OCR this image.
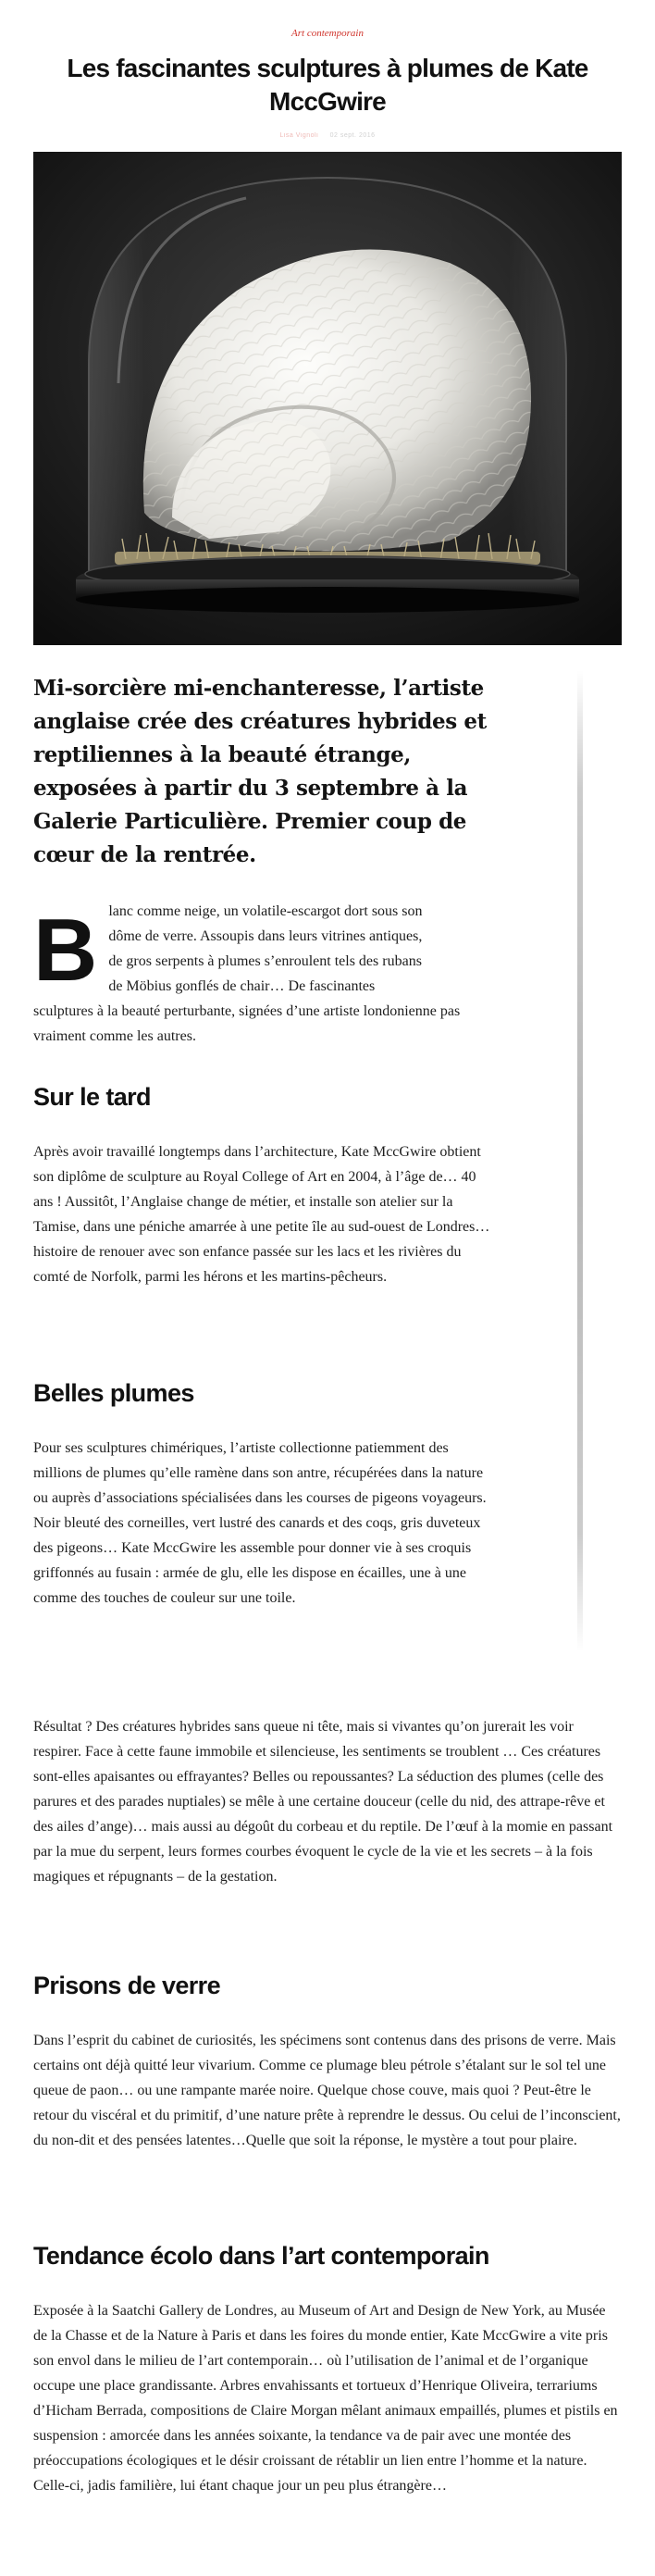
Art contemporain
Les fascinantes sculptures à plumes de Kate MccGwire
Lisa Vignoli 02 sept. 2016

Mi-sorcière mi-enchanteresse, l’artiste anglaise crée des créatures hybrides et reptiliennes à la beauté étrange, exposées à partir du 3 septembre à la Galerie Particulière. Premier coup de cœur de la rentrée.

B lanc comme neige, un volatile-escargot dort sous son
dôme de verre. Assoupis dans leurs vitrines antiques,
de gros serpents à plumes s’enroulent tels des rubans
de Möbius gonflés de chair… De fascinantes
sculptures à la beauté perturbante, signées d’une artiste londonienne pas vraiment comme les autres.
Sur le tard

Après avoir travaillé longtemps dans l’architecture, Kate MccGwire obtient son diplôme de sculpture au Royal College of Art en 2004, à l’âge de… 40 ans ! Aussitôt, l’Anglaise change de métier, et installe son atelier sur la Tamise, dans une péniche amarrée à une petite île au sud-ouest de Londres… histoire de renouer avec son enfance passée sur les lacs et les rivières du comté de Norfolk, parmi les hérons et les martins-pêcheurs.

Belles plumes

Pour ses sculptures chimériques, l’artiste collectionne patiemment des millions de plumes qu’elle ramène dans son antre, récupérées dans la nature ou auprès d’associations spécialisées dans les courses de pigeons voyageurs. Noir bleuté des corneilles, vert lustré des canards et des coqs, gris duveteux des pigeons… Kate MccGwire les assemble pour donner vie à ses croquis griffonnés au fusain : armée de glu, elle les dispose en écailles, une à une comme des touches de couleur sur une toile.

Résultat ? Des créatures hybrides sans queue ni tête, mais si vivantes qu’on jurerait les voir respirer. Face à cette faune immobile et silencieuse, les sentiments se troublent … Ces créatures sont-elles apaisantes ou effrayantes? Belles ou repoussantes? La séduction des plumes (celle des parures et des parades nuptiales) se mêle à une certaine douceur (celle du nid, des attrape-rêve et des ailes d’ange)… mais aussi au dégoût du corbeau et du reptile. De l’œuf à la momie en passant par la mue du serpent, leurs formes courbes évoquent le cycle de la vie et les secrets – à la fois magiques et répugnants – de la gestation.

Prisons de verre

Dans l’esprit du cabinet de curiosités, les spécimens sont contenus dans des prisons de verre. Mais certains ont déjà quitté leur vivarium. Comme ce plumage bleu pétrole s’étalant sur le sol tel une queue de paon… ou une rampante marée noire. Quelque chose couve, mais quoi ? Peut-être le retour du viscéral et du primitif, d’une nature prête à reprendre le dessus. Ou celui de l’inconscient, du non-dit et des pensées latentes…Quelle que soit la réponse, le mystère a tout pour plaire.

Tendance écolo dans l’art contemporain

Exposée à la Saatchi Gallery de Londres, au Museum of Art and Design de New York, au Musée de la Chasse et de la Nature à Paris et dans les foires du monde entier, Kate MccGwire a vite pris son envol dans le milieu de l’art contemporain… où l’utilisation de l’animal et de l’organique occupe une place grandissante. Arbres envahissants et tortueux d’Henrique Oliveira, terrariums d’Hicham Berrada, compositions de Claire Morgan mêlant animaux empaillés, plumes et pistils en suspension : amorcée dans les années soixante, la tendance va de pair avec une montée des préoccupations écologiques et le désir croissant de rétablir un lien entre l’homme et la nature. Celle-ci, jadis familière, lui étant chaque jour un peu plus étrangère…
